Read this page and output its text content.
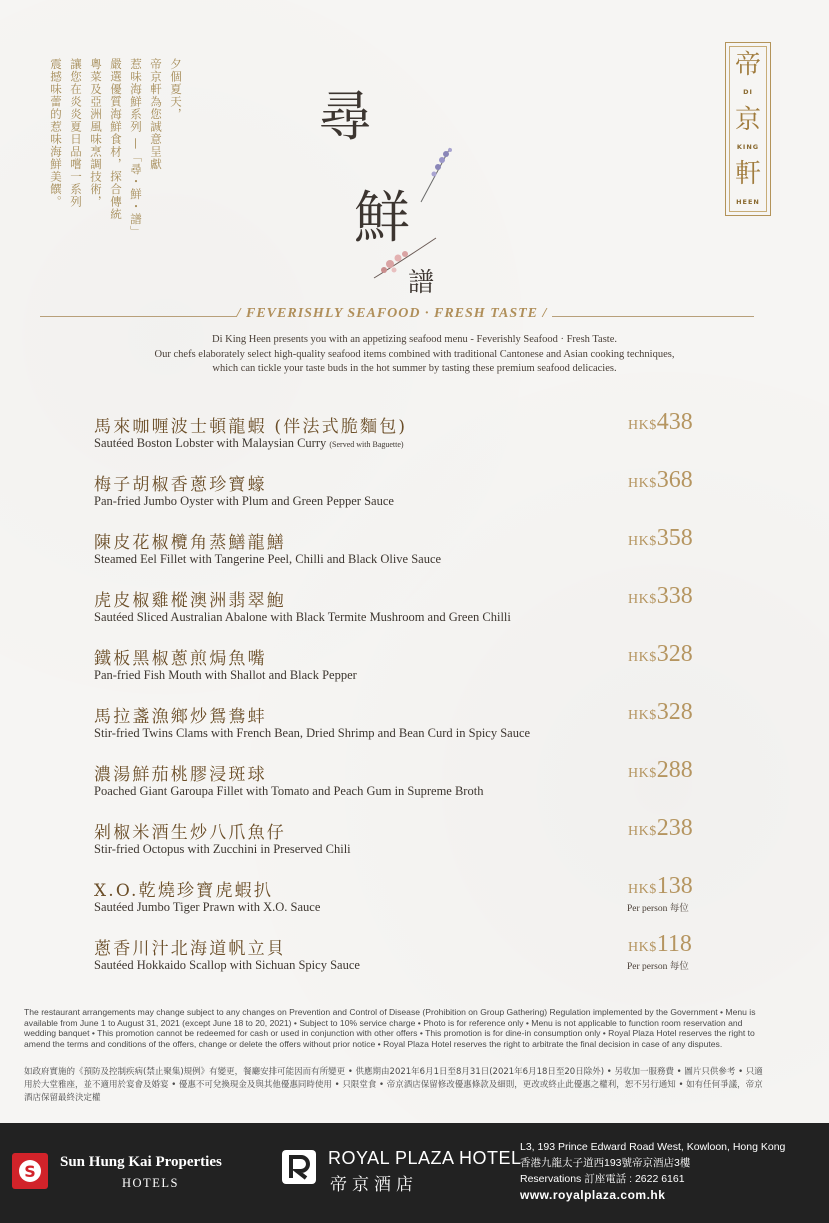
夕個夏天，
帝京軒為您誠意呈獻
惹味海鮮系列 —「尋・鮮・譜」
嚴選優質海鮮食材，探合傳統
粵菜及亞洲風味烹調技術，
讓您在炎炎夏日品嚐一系列
震撼味蕾的惹味海鮮美饌。	尋
鮮
譜
帝
DI
京
KING
軒
HEEN
/ FEVERISHLY SEAFOOD · FRESH TASTE /
Di King Heen presents you with an appetizing seafood menu - Feverishly Seafood · Fresh Taste.
Our chefs elaborately select high-quality seafood items combined with traditional Cantonese and Asian cooking techniques,
which can tickle your taste buds in the hot summer by tasting these premium seafood delicacies.
馬來咖喱波士頓龍蝦 (伴法式脆麵包)
Sautéed Boston Lobster with Malaysian Curry (Served with Baguette)
HK$438
梅子胡椒香蔥珍寶蠔
Pan-fried Jumbo Oyster with Plum and Green Pepper Sauce
HK$368
陳皮花椒欖角蒸鱔龍鱔
Steamed Eel Fillet with Tangerine Peel, Chilli and Black Olive Sauce
HK$358
虎皮椒雞樅澳洲翡翠鮑
Sautéed Sliced Australian Abalone with Black Termite Mushroom and Green Chilli
HK$338
鐵板黑椒蔥煎焗魚嘴
Pan-fried Fish Mouth with Shallot and Black Pepper
HK$328
馬拉盞漁鄉炒鴛鴦蚌
Stir-fried Twins Clams with French Bean, Dried Shrimp and Bean Curd in Spicy Sauce
HK$328
濃湯鮮茄桃膠浸斑球
Poached Giant Garoupa Fillet with Tomato and Peach Gum in Supreme Broth
HK$288
剁椒米酒生炒八爪魚仔
Stir-fried Octopus with Zucchini in Preserved Chili
HK$238
X.O.乾燒珍寶虎蝦扒
Sautéed Jumbo Tiger Prawn with X.O. Sauce
HK$138
Per person 每位
蔥香川汁北海道帆立貝
Sautéed Hokkaido Scallop with Sichuan Spicy Sauce
HK$118
Per person 每位
The restaurant arrangements may change subject to any changes on Prevention and Control of Disease (Prohibition on Group Gathering) Regulation implemented by the Government • Menu is available from June 1 to August 31, 2021 (except June 18 to 20, 2021) • Subject to 10% service charge • Photo is for reference only • Menu is not applicable to function room reservation and wedding banquet • This promotion cannot be redeemed for cash or used in conjunction with other offers • This promotion is for dine-in consumption only • Royal Plaza Hotel reserves the right to amend the terms and conditions of the offers, change or delete the offers without prior notice • Royal Plaza Hotel reserves the right to arbitrate the final decision in case of any disputes.
如政府實施的《預防及控制疾病(禁止聚集)規例》有變更，餐廳安排可能因而有所變更 • 供應期由2021年6月1日至8月31日(2021年6月18日至20日除外) • 另收加一服務費 • 圖片只供參考 • 只適用於大堂雅座，並不適用於宴會及婚宴 • 優惠不可兌換現金及與其他優惠同時使用 • 只限堂食 • 帝京酒店保留修改優惠條款及細則，更改或終止此優惠之權利，恕不另行通知 • 如有任何爭議，帝京酒店保留最終決定權
S Sun Hung Kai Properties
HOTELS
ROYAL PLAZA HOTEL
帝京酒店
L3, 193 Prince Edward Road West, Kowloon, Hong Kong
香港九龍太子道西193號帝京酒店3樓
Reservations 訂座電話 : 2622 6161
www.royalplaza.com.hk
